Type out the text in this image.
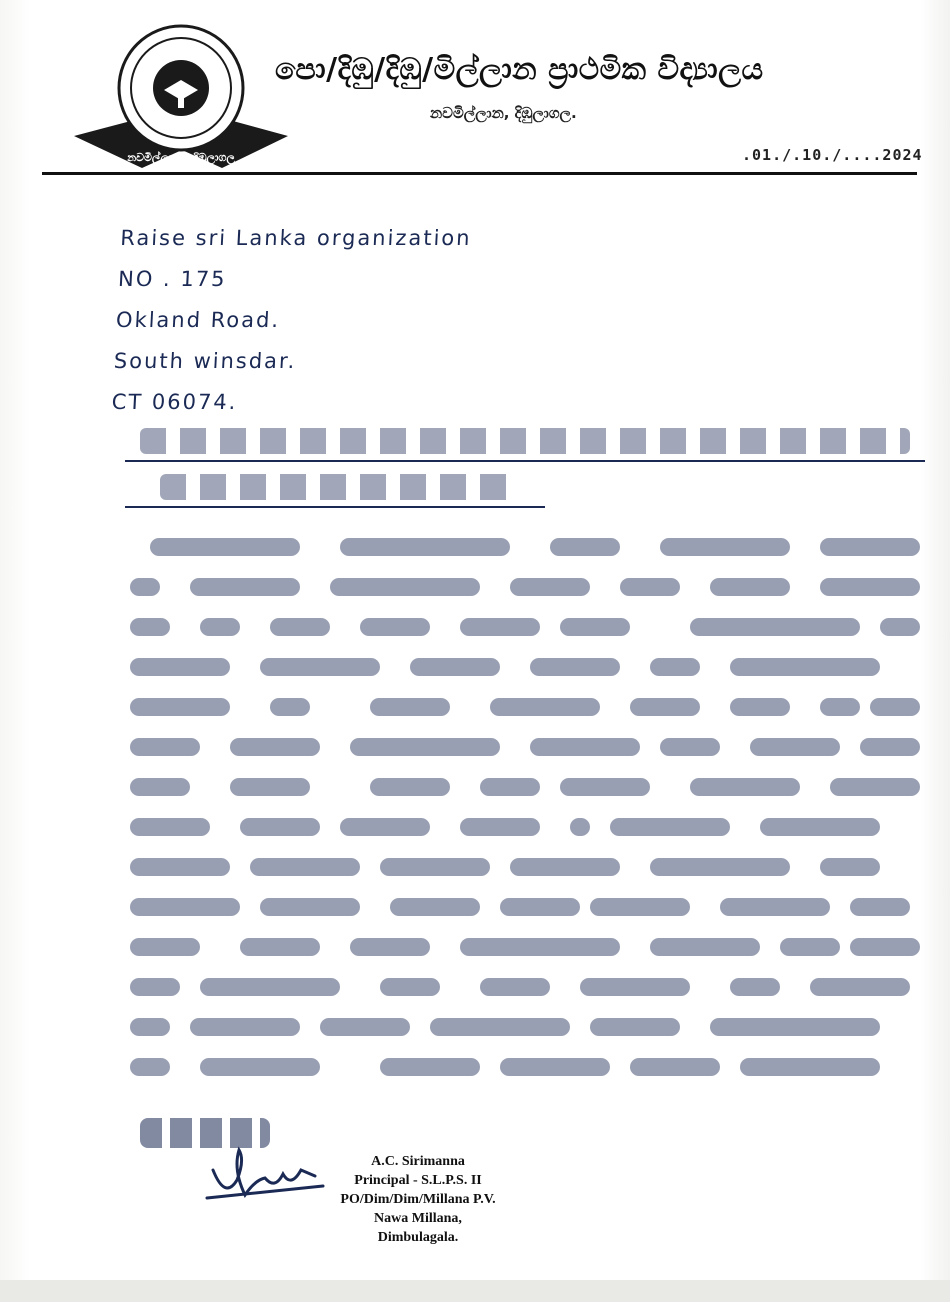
නවමිල්ලාන - දිඹුලාගල
පො/දිඹු/දිඹු/මිල්ලාන ප්‍රාථමික විද්‍යාලය
නවමිල්ලාන, දිඹුලාගල.
.01./.10./....2024
Raise sri Lanka organization
NO . 175
Okland Road.
South winsdar.
CT 06074.
A.C. Sirimanna
Principal - S.L.P.S. II
PO/Dim/Dim/Millana P.V.
Nawa Millana,
Dimbulagala.
